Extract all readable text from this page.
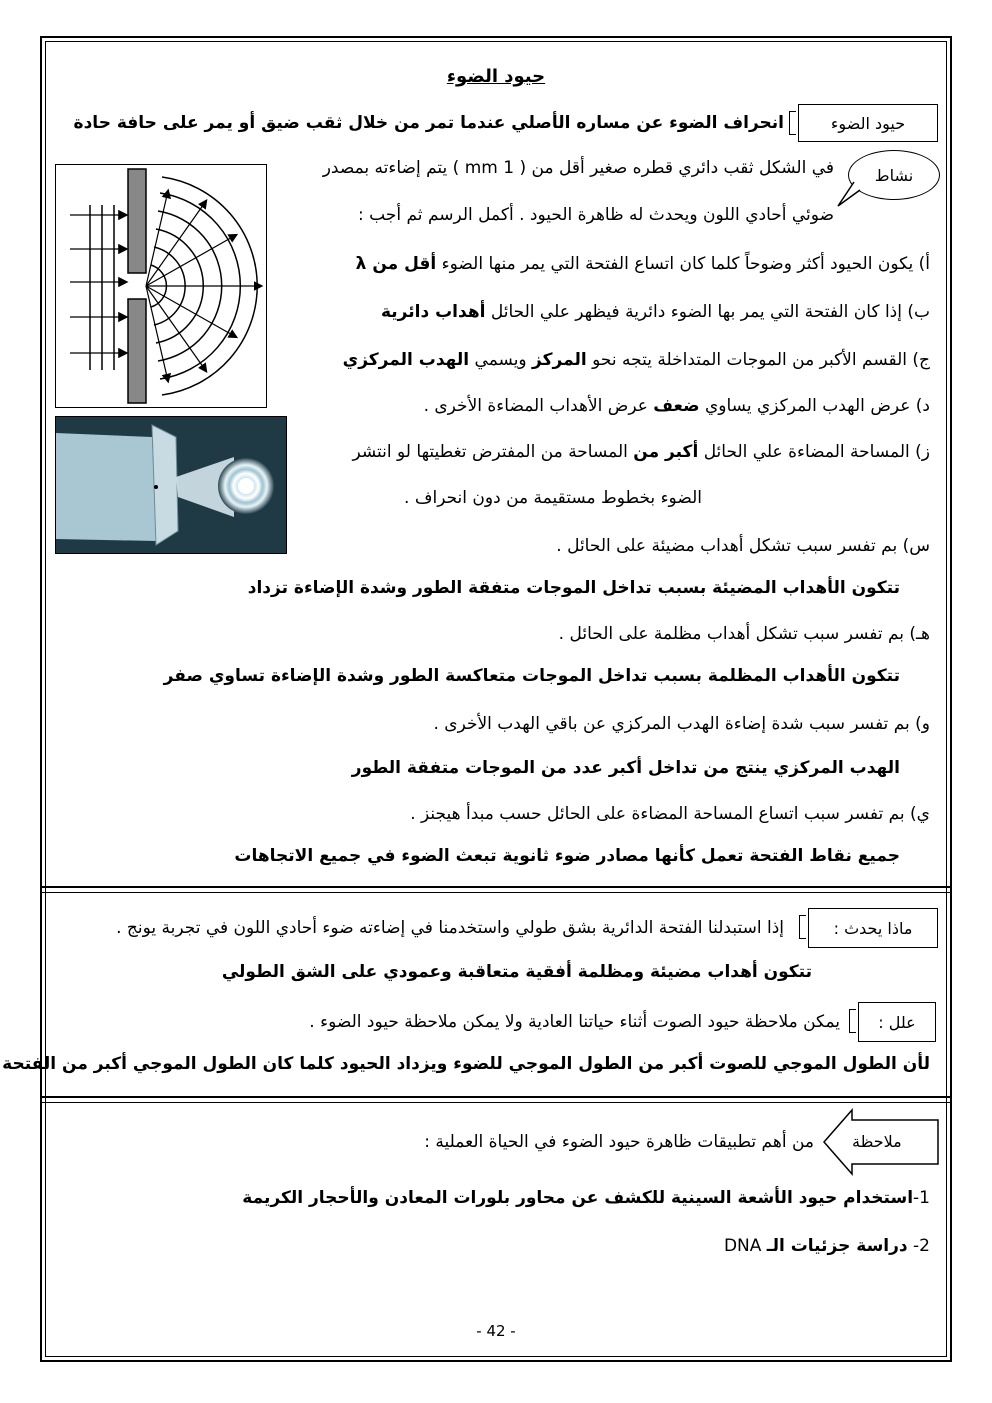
حيود الضوء
حيود الضوء
انحراف الضوء عن مساره الأصلي عندما تمر من خلال ثقب ضيق أو يمر على حافة حادة
نشاط
في الشكل ثقب دائري قطره صغير أقل من ( 1 mm ) يتم إضاءته بمصدر
ضوئي أحادي اللون ويحدث له ظاهرة الحيود . أكمل الرسم ثم أجب :
أ) يكون الحيود أكثر وضوحاً كلما كان اتساع الفتحة التي يمر منها الضوء أقل من λ
ب) إذا كان الفتحة التي يمر بها الضوء دائرية فيظهر علي الحائل أهداب دائرية
ج) القسم الأكبر من الموجات المتداخلة يتجه نحو المركز ويسمي الهدب المركزي
د) عرض الهدب المركزي يساوي ضعف عرض الأهداب المضاءة الأخرى .
ز) المساحة المضاءة علي الحائل أكبر من المساحة من المفترض تغطيتها لو انتشر
الضوء بخطوط مستقيمة من دون انحراف .
س) بم تفسر سبب تشكل أهداب مضيئة على الحائل .
تتكون الأهداب المضيئة بسبب تداخل الموجات متفقة الطور وشدة الإضاءة تزداد
هـ) بم تفسر سبب تشكل أهداب مظلمة على الحائل .
تتكون الأهداب المظلمة بسبب تداخل الموجات متعاكسة الطور وشدة الإضاءة تساوي صفر
و) بم تفسر سبب شدة إضاءة الهدب المركزي عن باقي الهدب الأخرى .
الهدب المركزي ينتج من تداخل أكبر عدد من الموجات متفقة الطور
ي) بم تفسر سبب اتساع المساحة المضاءة على الحائل حسب مبدأ هيجنز .
جميع نقاط الفتحة تعمل كأنها مصادر ضوء ثانوية تبعث الضوء في جميع الاتجاهات
ماذا يحدث :
إذا استبدلنا الفتحة الدائرية بشق طولي واستخدمنا في إضاءته ضوء أحادي اللون في تجربة يونج .
تتكون أهداب مضيئة ومظلمة أفقية متعاقبة وعمودي على الشق الطولي
علل :
يمكن ملاحظة حيود الصوت أثناء حياتنا العادية ولا يمكن ملاحظة حيود الضوء .
لأن الطول الموجي للصوت أكبر من الطول الموجي للضوء ويزداد الحيود كلما كان الطول الموجي أكبر من الفتحة
ملاحظة
من أهم تطبيقات ظاهرة حيود الضوء في الحياة العملية :
1-استخدام حيود الأشعة السينية للكشف عن محاور بلورات المعادن والأحجار الكريمة
2- دراسة جزئيات الـ DNA
- 42 -
